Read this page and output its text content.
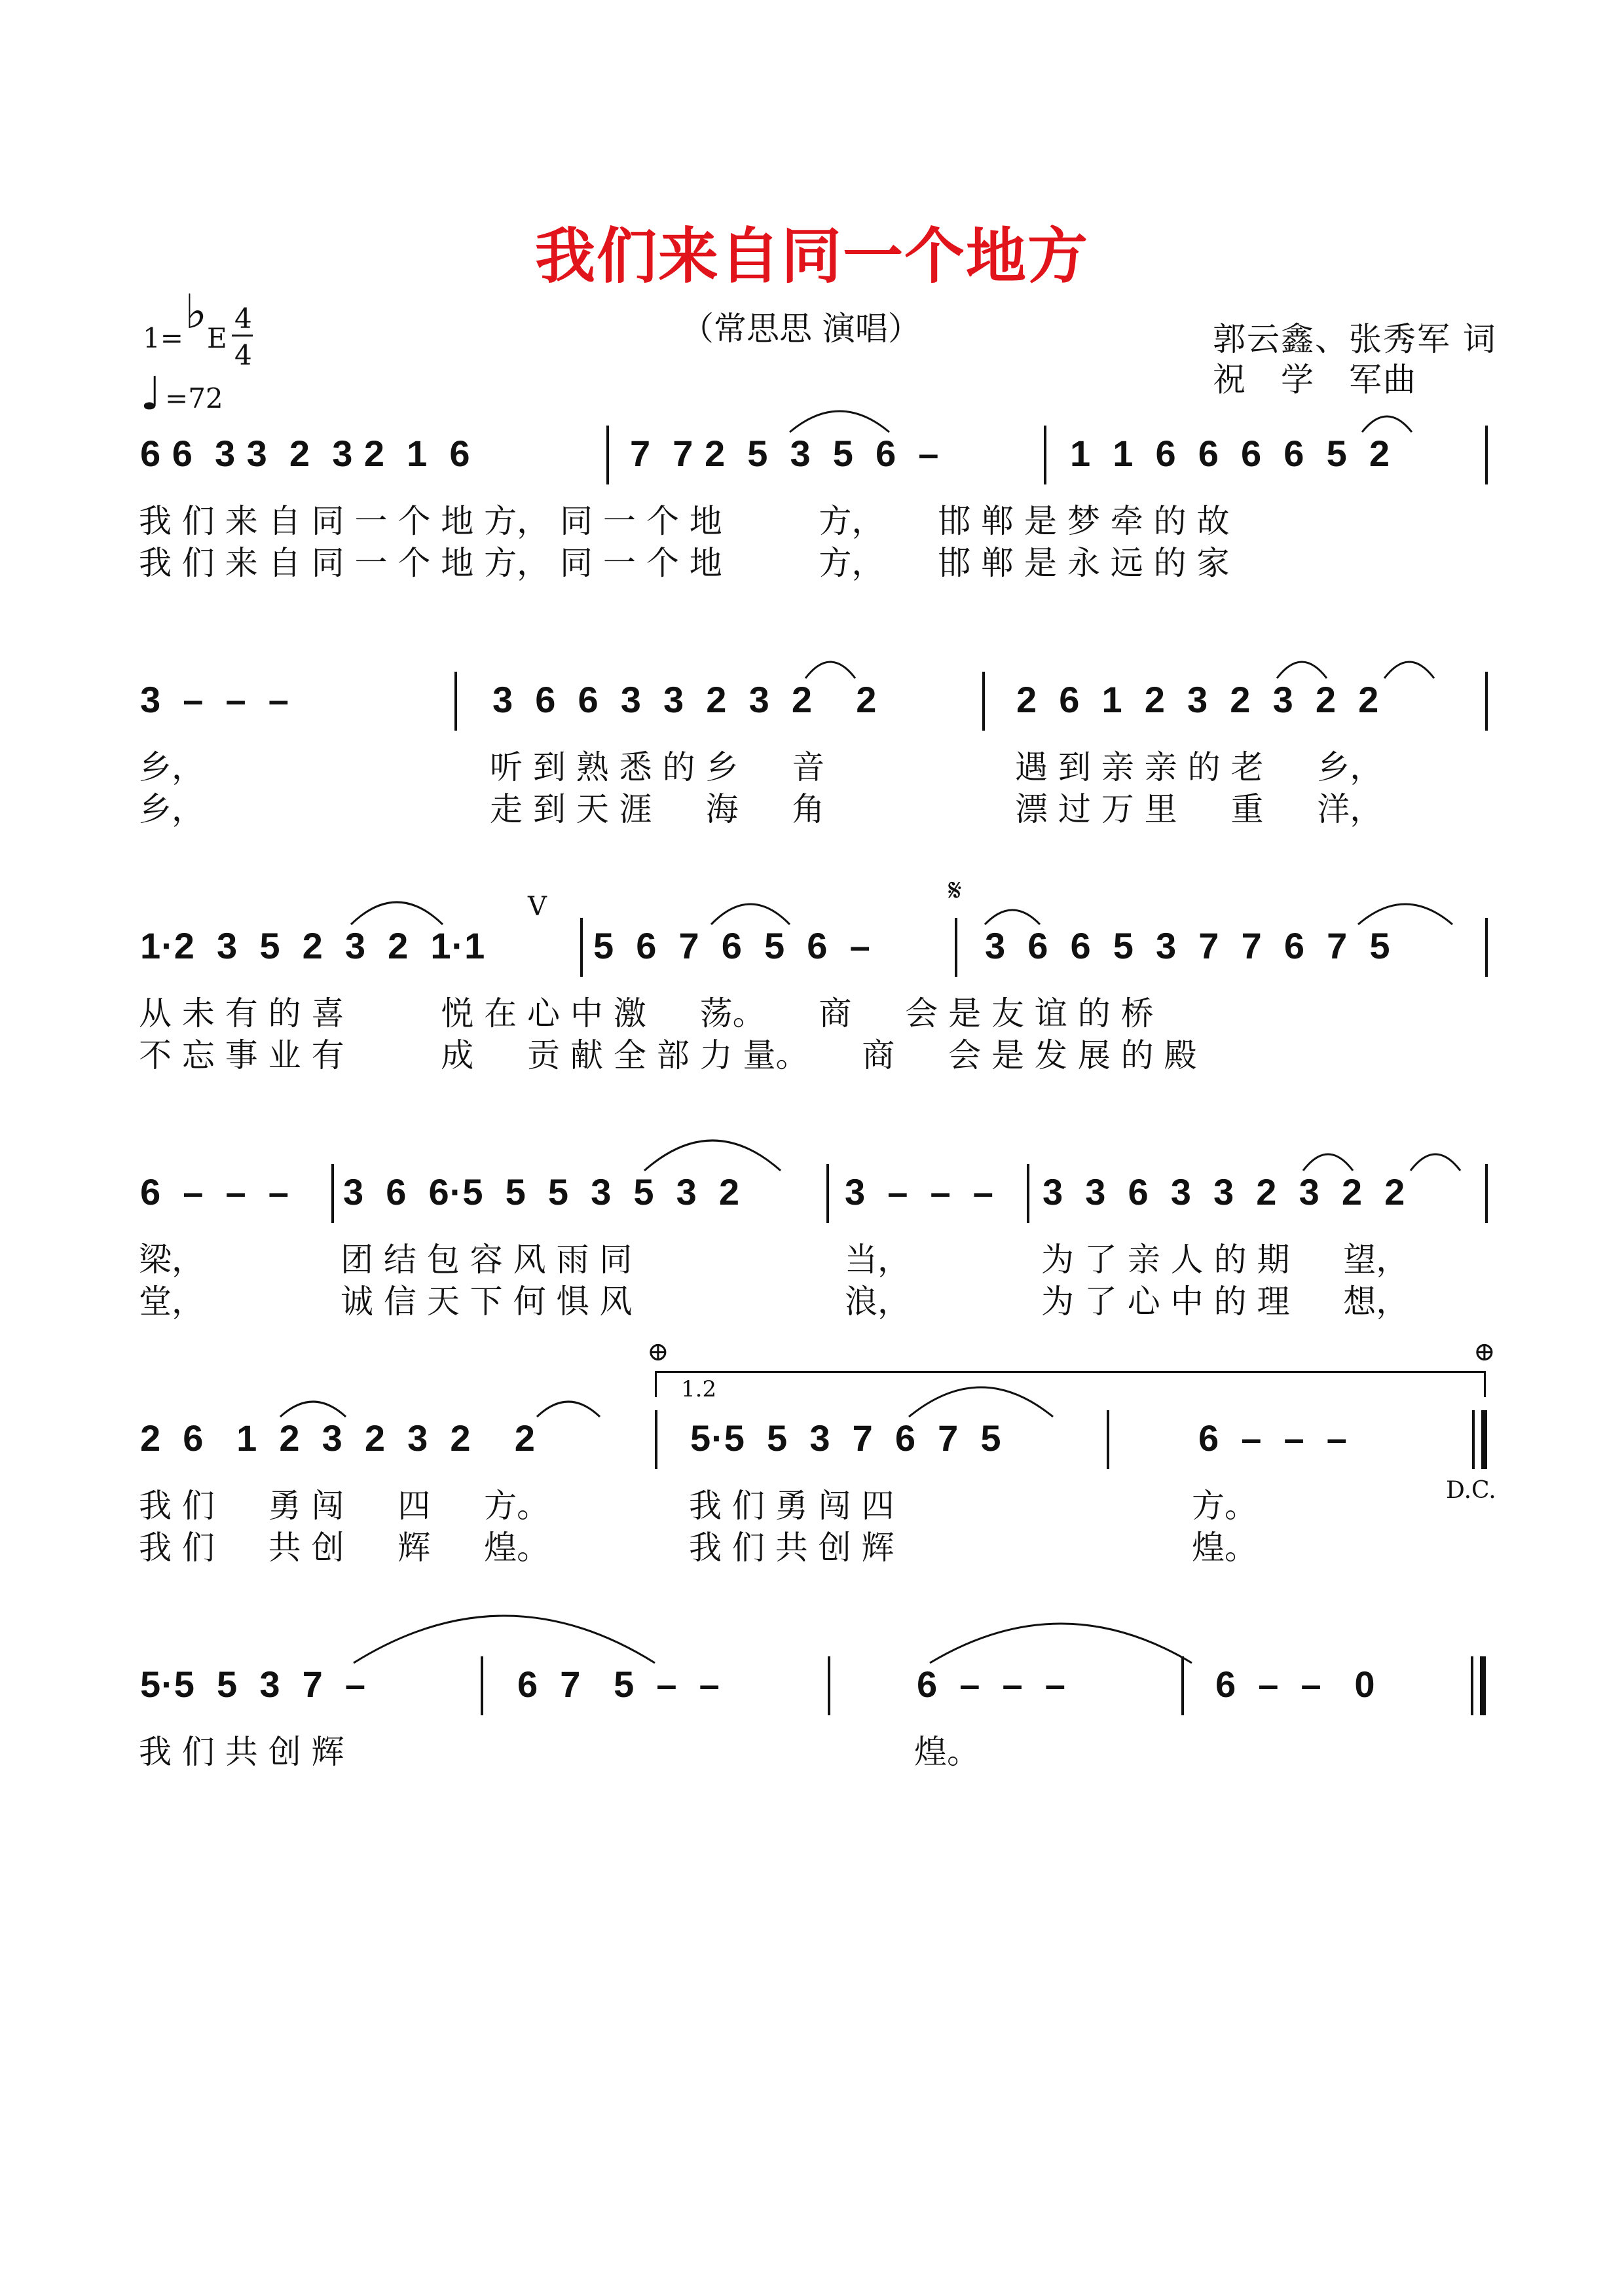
我们来自同一个地方
（常思思 演唱）	郭云鑫、张秀军 词
祝　学　军曲
1= ♭ E
4
4
♩ =72
6 6  3 3  2  3 2  1  6	7  7 2  5  3  5  6  –	1  1  6  6  6  6  5  2
我 们 来 自 同 一 个 地 方， 同 一 个 地 　 　 方， 　 邯 郸 是 梦 牵 的 故
我 们 来 自 同 一 个 地 方， 同 一 个 地 　 　 方， 　 邯 郸 是 永 远 的 家
3  –  –  –	3  6  6  3  3  2  3  2    2	2  6  1  2  3  2  3  2  2
乡，	听 到 熟 悉 的 乡 　 音	遇 到 亲 亲 的 老 　 乡，
乡，	走 到 天 涯 　 海 　 角	漂 过 万 里 　 重 　 洋，
V	𝄋
1·2  3  5  2  3  2  1·1	5  6  7  6  5  6  –	3  6  6  5  3  7  7  6  7  5
从 未 有 的 喜 　 　 悦 在 心 中 激 　 荡。 　 商 　 会 是 友 谊 的 桥
不 忘 事 业 有 　 　 成 　 贡 献 全 部 力 量。 　 商 　 会 是 发 展 的 殿
6  –  –  – 3  6  6·5  5  5  3  5  3  2	3  –  –  – 3  3  6  3  3  2  3  2  2
梁，	团 结 包 容 风 雨 同 　 　	当，	为 了 亲 人 的 期 　 望，
堂，	诚 信 天 下 何 惧 风 　 　	浪，	为 了 心 中 的 理 　 想，
⊕	⊕
1.2
2  6   1  2  3  2  3  2    2	5·5  5  3  7  6  7  5	6  –  –  –
D.C.
我 们 　 勇 闯 　 四 　 方。	我 们 勇 闯 四	方。
我 们 　 共 创 　 辉 　 煌。	我 们 共 创 辉	煌。
5·5  5  3  7  –	6  7   5  –  –	6  –  –  –	6  –  –   0
我 们 共 创 辉	煌。
